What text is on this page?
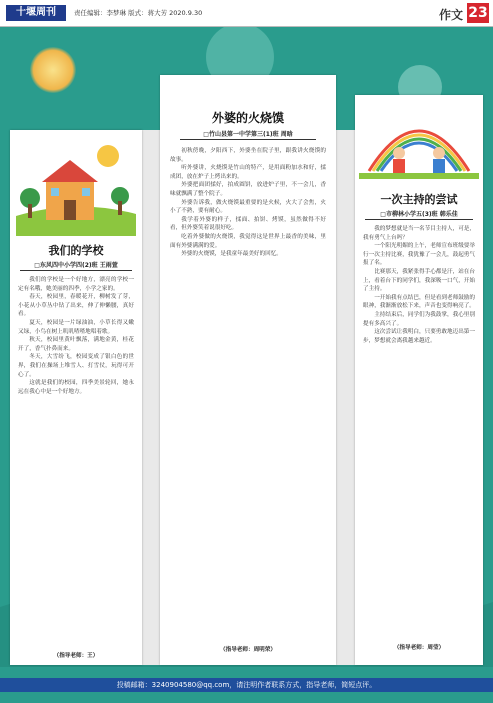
十堰周刊	责任编辑：李梦琳 版式：蒋大芳 2020.9.30	作文 23
我们的学校
□东风四中小学四(2)班 王雨萱

我们的学校是一个好地方，漂亮的学校一定有名哦，她美丽的四季，小学之家的。

春天，校园里，春暖花开，柳树发了芽，小花从小草丛中钻了出来，伸了伸懒腰，真好看。

夏天，校园是一片绿油油，小草长得又嫩又绿，小鸟在树上叽叽喳喳地唱着歌。

秋天，校园里黄叶飘落，满地金黄，桂花开了，香气扑鼻而来。

冬天，大雪纷飞，校园变成了银白色的世界，我们在操场上堆雪人、打雪仗，玩得可开心了。

这就是我们的校园，四季美景轮回，她永远在我心中是一个好地方。

（指导老师：王）
外婆的火烧馍
□竹山县第一中学第三(1)班 周晗

初秋傍晚，夕阳西下，外婆坐在院子里，跟我讲火烧馍的故事。

听外婆讲，火烧馍是竹山的特产，是用面粉加水和好，揉成团，放在炉子上烤出来的。

外婆把面团揉好，拍成圆饼，放进炉子里，不一会儿，香味就飘满了整个院子。

外婆告诉我，做火烧馍最重要的是火候，火大了会焦，火小了不熟，要有耐心。

我学着外婆的样子，揉面、拍饼、烤馍，虽然做得不好看，但外婆笑着说很好吃。

吃着外婆做的火烧馍，我觉得这是世界上最香的美味，里面有外婆满满的爱。

外婆的火烧馍，是我童年最美好的回忆。

（指导老师：周明荣）
一次主持的尝试
□市柳林小学五(3)班 韩乐佳

我的梦想就是当一名节目主持人，可是，我有勇气上台吗？

一个阳光明媚的上午，老师宣布班级要举行一次主持比赛，我犹豫了一会儿，鼓起勇气报了名。

比赛那天，我紧张得手心都是汗，站在台上，看着台下的同学们，我深吸一口气，开始了主持。

一开始我有点结巴，但是看到老师鼓励的眼神，我渐渐放松下来，声音也变得响亮了。

主持结束后，同学们为我鼓掌，我心里别提有多高兴了。

这次尝试让我明白，只要勇敢地迈出第一步，梦想就会离我越来越近。

（指导老师：周莹）
投稿邮箱：3240904580@qq.com，请注明作者联系方式，指导老师，简短点评。
